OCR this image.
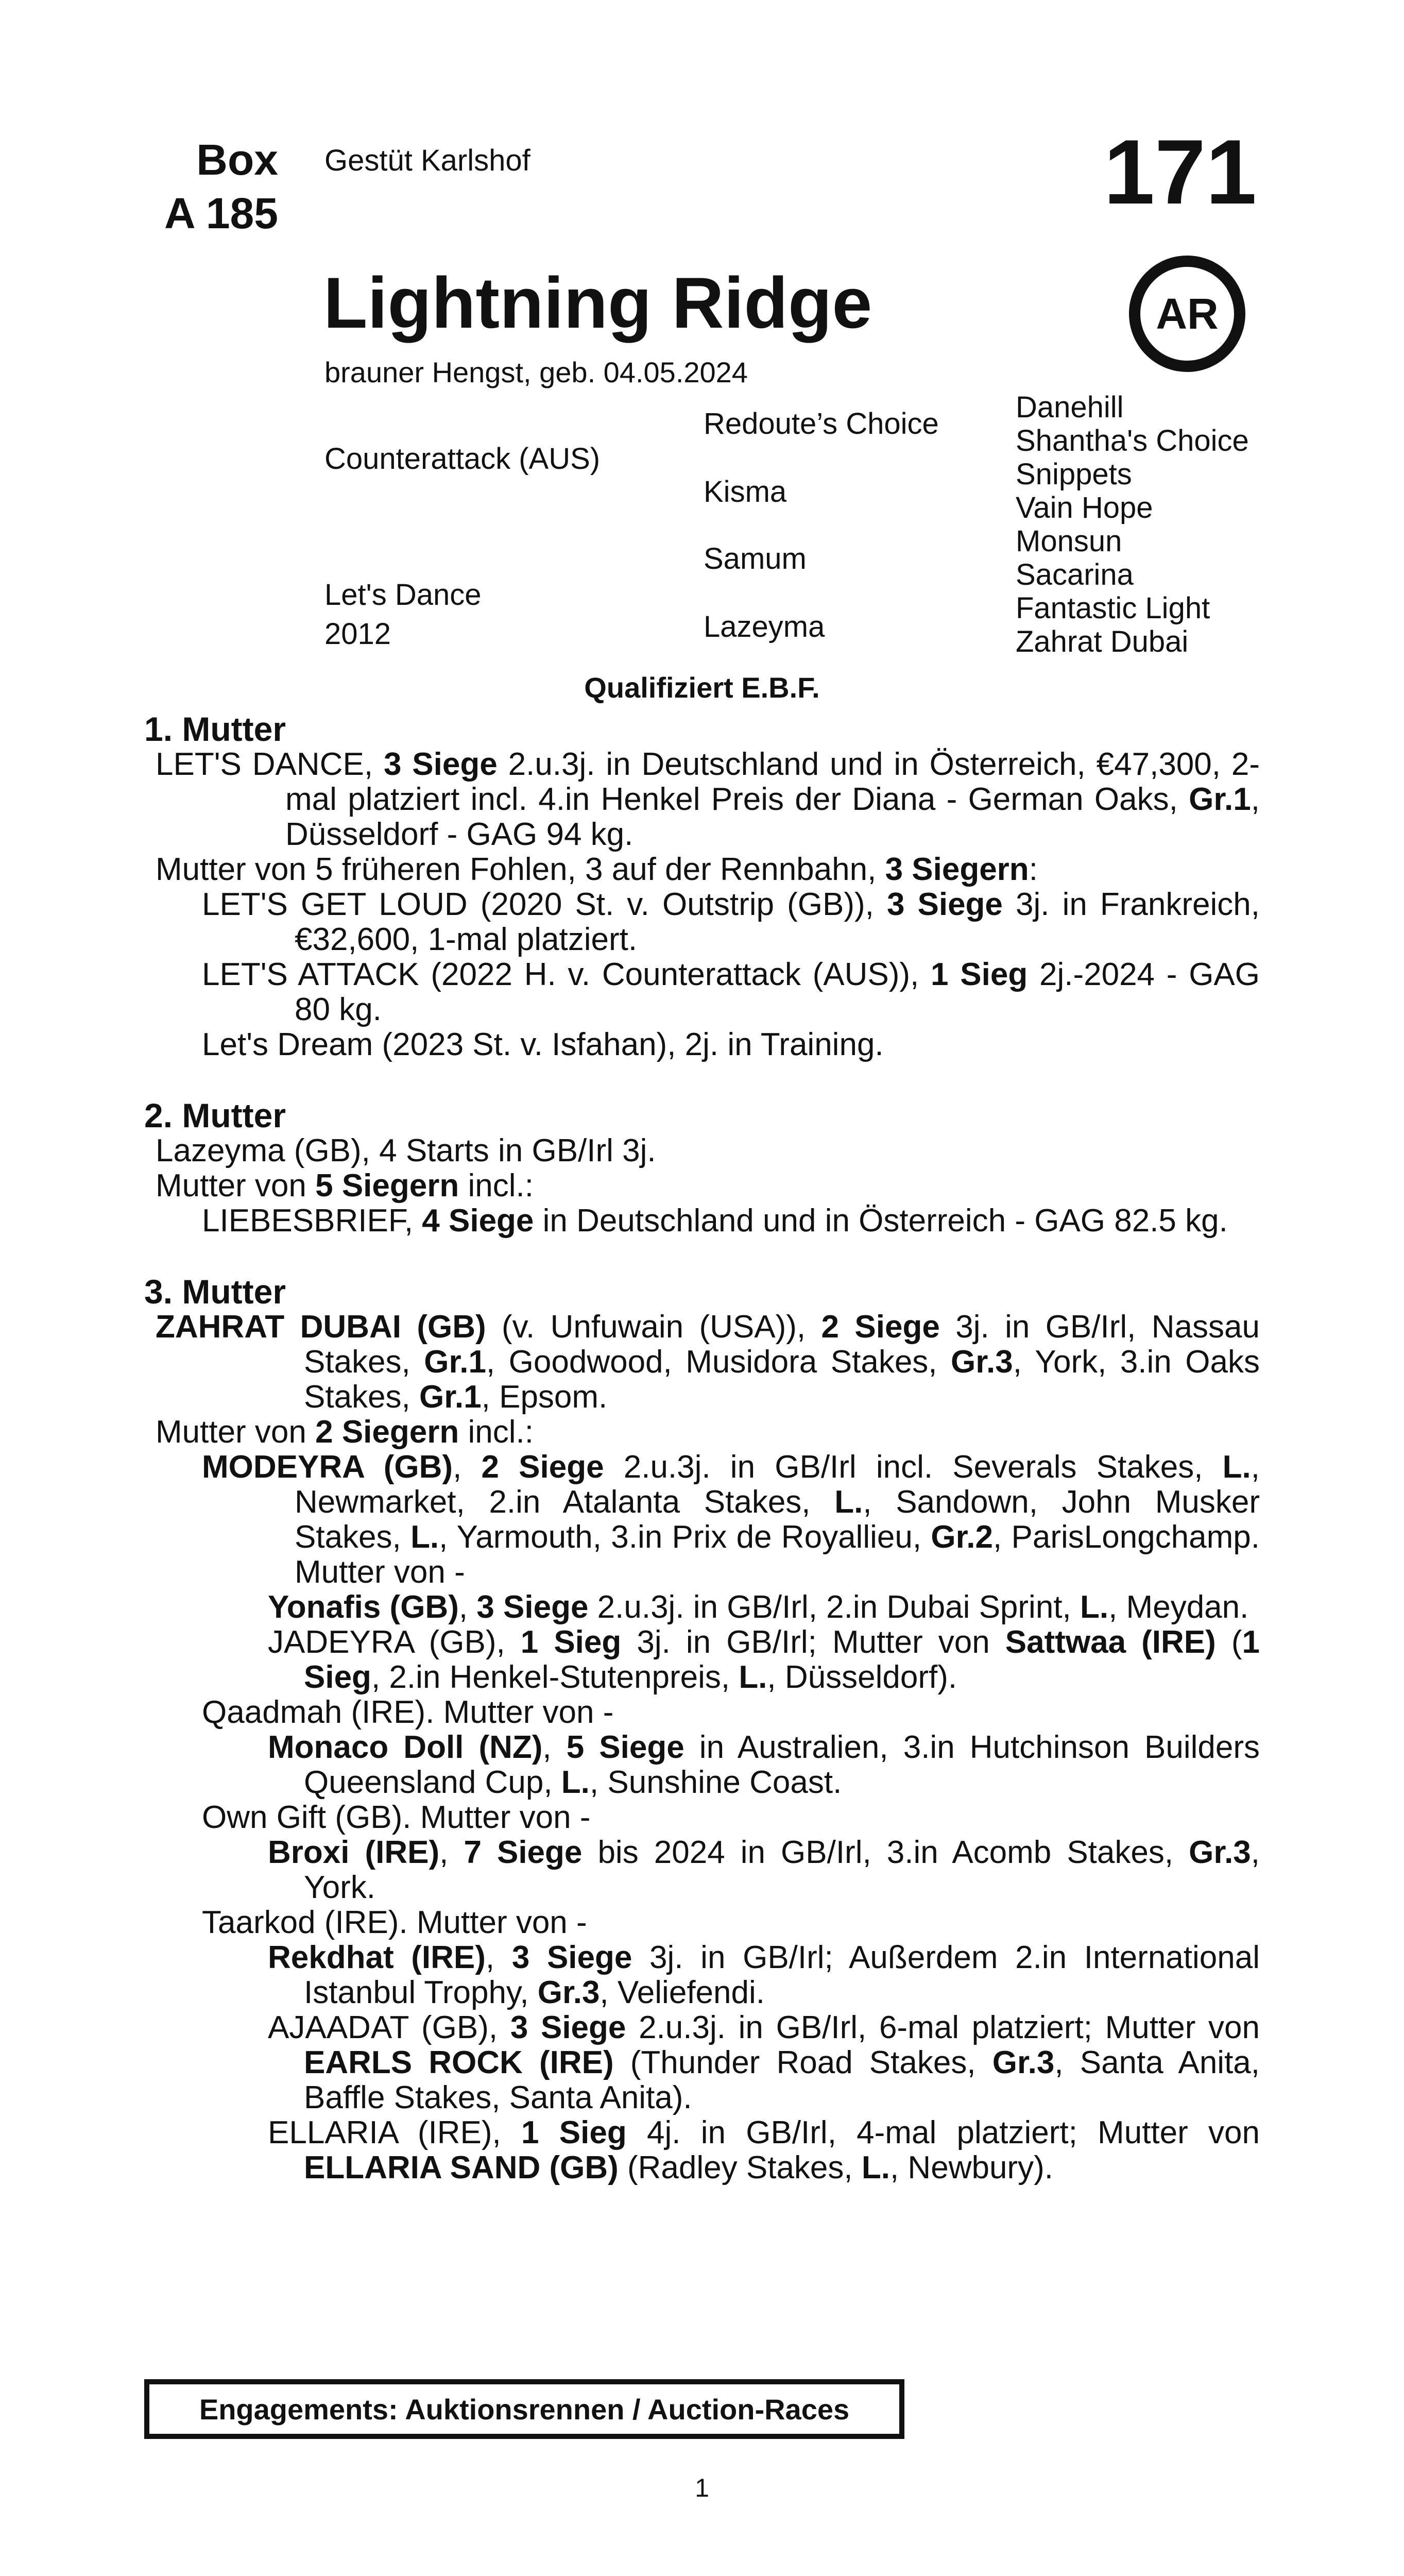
Box
A 185
Gestüt Karlshof	171
AR
Lightning Ridge
brauner Hengst, geb. 04.05.2024
Counterattack (AUS)
Let's Dance
2012
Redoute’s Choice
Kisma
Samum
Lazeyma
Danehill
Shantha's Choice
Snippets
Vain Hope
Monsun
Sacarina
Fantastic Light
Zahrat Dubai
Qualifiziert E.B.F.
1. Mutter
LET'S DANCE, 3 Siege 2.u.3j. in Deutschland und in Österreich, €47,300, 2-mal platziert incl. 4.in Henkel Preis der Diana - German Oaks, Gr.1, Düsseldorf - GAG 94 kg.
Mutter von 5 früheren Fohlen, 3 auf der Rennbahn, 3 Siegern:
LET'S GET LOUD (2020 St. v. Outstrip (GB)), 3 Siege 3j. in Frankreich, €32,600, 1-mal platziert.
LET'S ATTACK (2022 H. v. Counterattack (AUS)), 1 Sieg 2j.-2024 - GAG 80 kg.
Let's Dream (2023 St. v. Isfahan), 2j. in Training.
2. Mutter
Lazeyma (GB), 4 Starts in GB/Irl 3j.
Mutter von 5 Siegern incl.:
LIEBESBRIEF, 4 Siege in Deutschland und in Österreich - GAG 82.5 kg.
3. Mutter
ZAHRAT DUBAI (GB) (v. Unfuwain (USA)), 2 Siege 3j. in GB/Irl, Nassau Stakes, Gr.1, Goodwood, Musidora Stakes, Gr.3, York, 3.in Oaks Stakes, Gr.1, Epsom.
Mutter von 2 Siegern incl.:
MODEYRA (GB), 2 Siege 2.u.3j. in GB/Irl incl. Severals Stakes, L., Newmarket, 2.in Atalanta Stakes, L., Sandown, John Musker Stakes, L., Yarmouth, 3.in Prix de Royallieu, Gr.2, ParisLongchamp. Mutter von -
Yonafis (GB), 3 Siege 2.u.3j. in GB/Irl, 2.in Dubai Sprint, L., Meydan.
JADEYRA (GB), 1 Sieg 3j. in GB/Irl; Mutter von Sattwaa (IRE) (1 Sieg, 2.in Henkel-Stutenpreis, L., Düsseldorf).
Qaadmah (IRE). Mutter von -
Monaco Doll (NZ), 5 Siege in Australien, 3.in Hutchinson Builders Queensland Cup, L., Sunshine Coast.
Own Gift (GB). Mutter von -
Broxi (IRE), 7 Siege bis 2024 in GB/Irl, 3.in Acomb Stakes, Gr.3, York.
Taarkod (IRE). Mutter von -
Rekdhat (IRE), 3 Siege 3j. in GB/Irl; Außerdem 2.in International Istanbul Trophy, Gr.3, Veliefendi.
AJAADAT (GB), 3 Siege 2.u.3j. in GB/Irl, 6-mal platziert; Mutter von EARLS ROCK (IRE) (Thunder Road Stakes, Gr.3, Santa Anita, Baffle Stakes, Santa Anita).
ELLARIA (IRE), 1 Sieg 4j. in GB/Irl, 4-mal platziert; Mutter von ELLARIA SAND (GB) (Radley Stakes, L., Newbury).
Engagements: Auktionsrennen / Auction-Races
1
